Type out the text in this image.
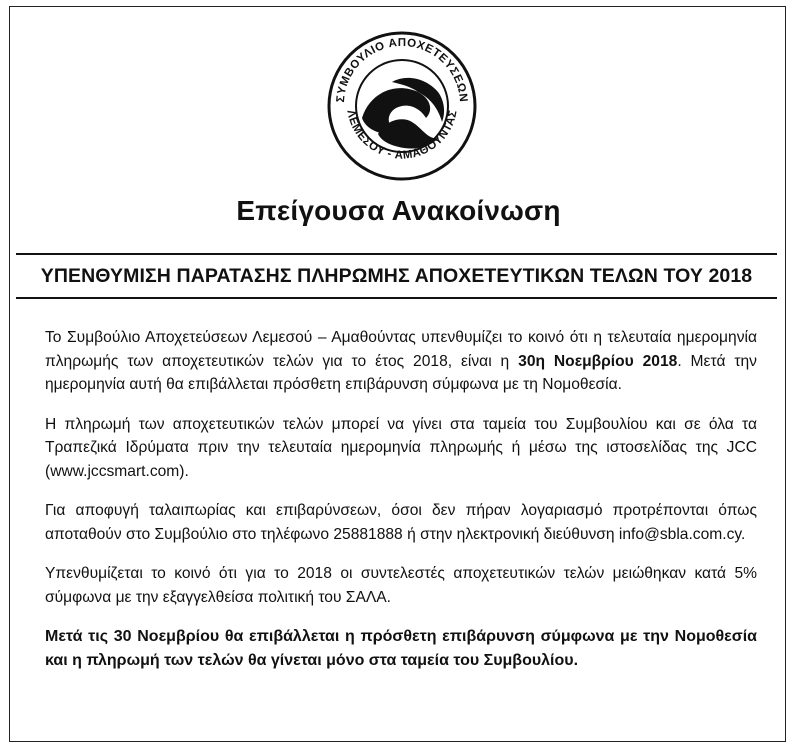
ΣΥΜΒΟΥΛΙΟ ΑΠΟΧΕΤΕΥΣΕΩΝ
ΛΕΜΕΣΟΥ - ΑΜΑΘΟΥΝΤΑΣ
Επείγουσα Ανακοίνωση
ΥΠΕΝΘΥΜΙΣΗ ΠΑΡΑΤΑΣΗΣ ΠΛΗΡΩΜΗΣ ΑΠΟΧΕΤΕΥΤΙΚΩΝ ΤΕΛΩΝ ΤΟΥ 2018

Το Συμβούλιο Αποχετεύσεων Λεμεσού – Αμαθούντας υπενθυμίζει το κοινό ότι η τελευταία ημερομηνία πληρωμής των αποχετευτικών τελών για το έτος 2018, είναι η 30η Νοεμβρίου 2018. Μετά την ημερομηνία αυτή θα επιβάλλεται πρόσθετη επιβάρυνση σύμφωνα με τη Νομοθεσία.

Η πληρωμή των αποχετευτικών τελών μπορεί να γίνει στα ταμεία του Συμβουλίου και σε όλα τα Τραπεζικά Ιδρύματα πριν την τελευταία ημερομηνία πληρωμής ή μέσω της ιστοσελίδας της JCC (www.jccsmart.com).

Για αποφυγή ταλαιπωρίας και επιβαρύνσεων, όσοι δεν πήραν λογαριασμό προτρέπονται όπως αποταθούν στο Συμβούλιο στο τηλέφωνο 25881888 ή στην ηλεκτρονική διεύθυνση info@sbla.com.cy.

Υπενθυμίζεται το κοινό ότι για το 2018 οι συντελεστές αποχετευτικών τελών μειώθηκαν κατά 5% σύμφωνα με την εξαγγελθείσα πολιτική του ΣΑΛΑ.

Μετά τις 30 Νοεμβρίου θα επιβάλλεται η πρόσθετη επιβάρυνση σύμφωνα με την Νομοθεσία και η πληρωμή των τελών θα γίνεται μόνο στα ταμεία του Συμβουλίου.
